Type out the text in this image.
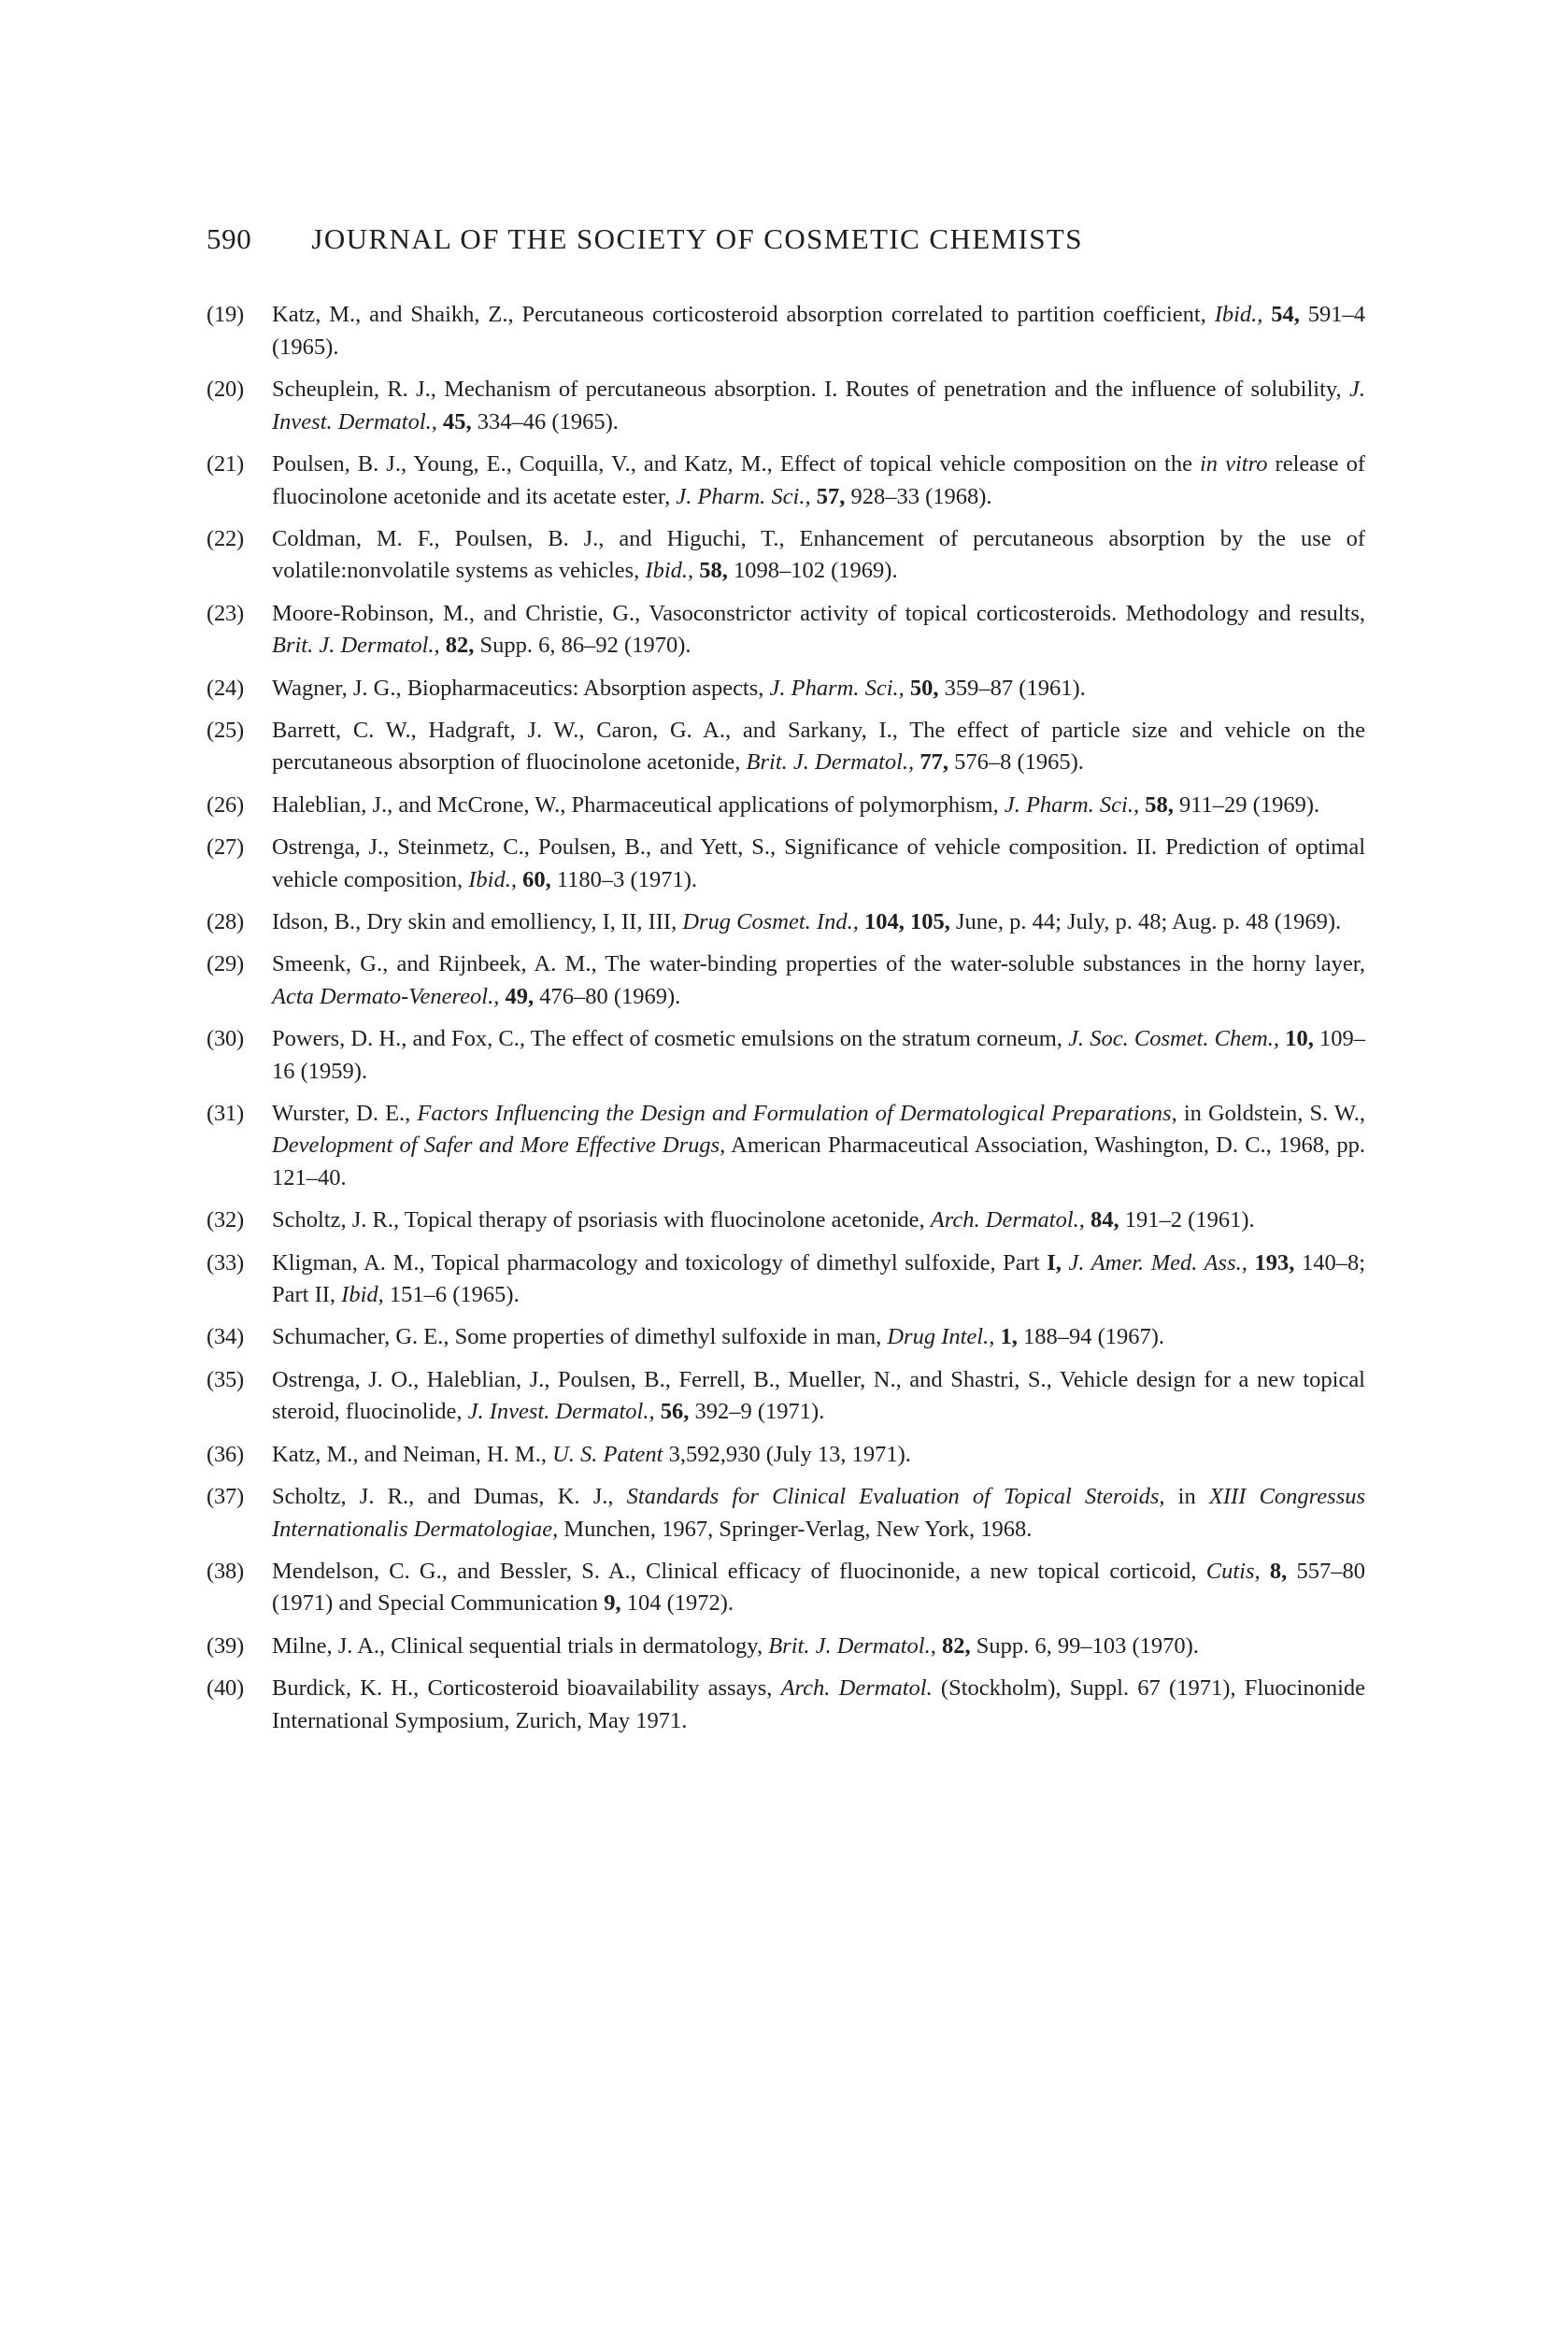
590 JOURNAL OF THE SOCIETY OF COSMETIC CHEMISTS
(19)	Katz, M., and Shaikh, Z., Percutaneous corticosteroid absorption correlated to partition coefficient, Ibid., 54, 591–4 (1965).
(20)	Scheuplein, R. J., Mechanism of percutaneous absorption. I. Routes of penetration and the influence of solubility, J. Invest. Dermatol., 45, 334–46 (1965).
(21)	Poulsen, B. J., Young, E., Coquilla, V., and Katz, M., Effect of topical vehicle composition on the in vitro release of fluocinolone acetonide and its acetate ester, J. Pharm. Sci., 57, 928–33 (1968).
(22)	Coldman, M. F., Poulsen, B. J., and Higuchi, T., Enhancement of percutaneous absorption by the use of volatile:nonvolatile systems as vehicles, Ibid., 58, 1098–102 (1969).
(23)	Moore-Robinson, M., and Christie, G., Vasoconstrictor activity of topical corticosteroids. Methodology and results, Brit. J. Dermatol., 82, Supp. 6, 86–92 (1970).
(24)	Wagner, J. G., Biopharmaceutics: Absorption aspects, J. Pharm. Sci., 50, 359–87 (1961).
(25)	Barrett, C. W., Hadgraft, J. W., Caron, G. A., and Sarkany, I., The effect of particle size and vehicle on the percutaneous absorption of fluocinolone acetonide, Brit. J. Dermatol., 77, 576–8 (1965).
(26)	Haleblian, J., and McCrone, W., Pharmaceutical applications of polymorphism, J. Pharm. Sci., 58, 911–29 (1969).
(27)	Ostrenga, J., Steinmetz, C., Poulsen, B., and Yett, S., Significance of vehicle composition. II. Prediction of optimal vehicle composition, Ibid., 60, 1180–3 (1971).
(28)	Idson, B., Dry skin and emolliency, I, II, III, Drug Cosmet. Ind., 104, 105, June, p. 44; July, p. 48; Aug. p. 48 (1969).
(29)	Smeenk, G., and Rijnbeek, A. M., The water-binding properties of the water-soluble substances in the horny layer, Acta Dermato-Venereol., 49, 476–80 (1969).
(30)	Powers, D. H., and Fox, C., The effect of cosmetic emulsions on the stratum corneum, J. Soc. Cosmet. Chem., 10, 109–16 (1959).
(31)	Wurster, D. E., Factors Influencing the Design and Formulation of Dermatological Preparations, in Goldstein, S. W., Development of Safer and More Effective Drugs, American Pharmaceutical Association, Washington, D. C., 1968, pp. 121–40.
(32)	Scholtz, J. R., Topical therapy of psoriasis with fluocinolone acetonide, Arch. Dermatol., 84, 191–2 (1961).
(33)	Kligman, A. M., Topical pharmacology and toxicology of dimethyl sulfoxide, Part I, J. Amer. Med. Ass., 193, 140–8; Part II, Ibid, 151–6 (1965).
(34)	Schumacher, G. E., Some properties of dimethyl sulfoxide in man, Drug Intel., 1, 188–94 (1967).
(35)	Ostrenga, J. O., Haleblian, J., Poulsen, B., Ferrell, B., Mueller, N., and Shastri, S., Vehicle design for a new topical steroid, fluocinolide, J. Invest. Dermatol., 56, 392–9 (1971).
(36)	Katz, M., and Neiman, H. M., U. S. Patent 3,592,930 (July 13, 1971).
(37)	Scholtz, J. R., and Dumas, K. J., Standards for Clinical Evaluation of Topical Steroids, in XIII Congressus Internationalis Dermatologiae, Munchen, 1967, Springer-Verlag, New York, 1968.
(38)	Mendelson, C. G., and Bessler, S. A., Clinical efficacy of fluocinonide, a new topical corticoid, Cutis, 8, 557–80 (1971) and Special Communication 9, 104 (1972).
(39)	Milne, J. A., Clinical sequential trials in dermatology, Brit. J. Dermatol., 82, Supp. 6, 99–103 (1970).
(40)	Burdick, K. H., Corticosteroid bioavailability assays, Arch. Dermatol. (Stockholm), Suppl. 67 (1971), Fluocinonide International Symposium, Zurich, May 1971.
